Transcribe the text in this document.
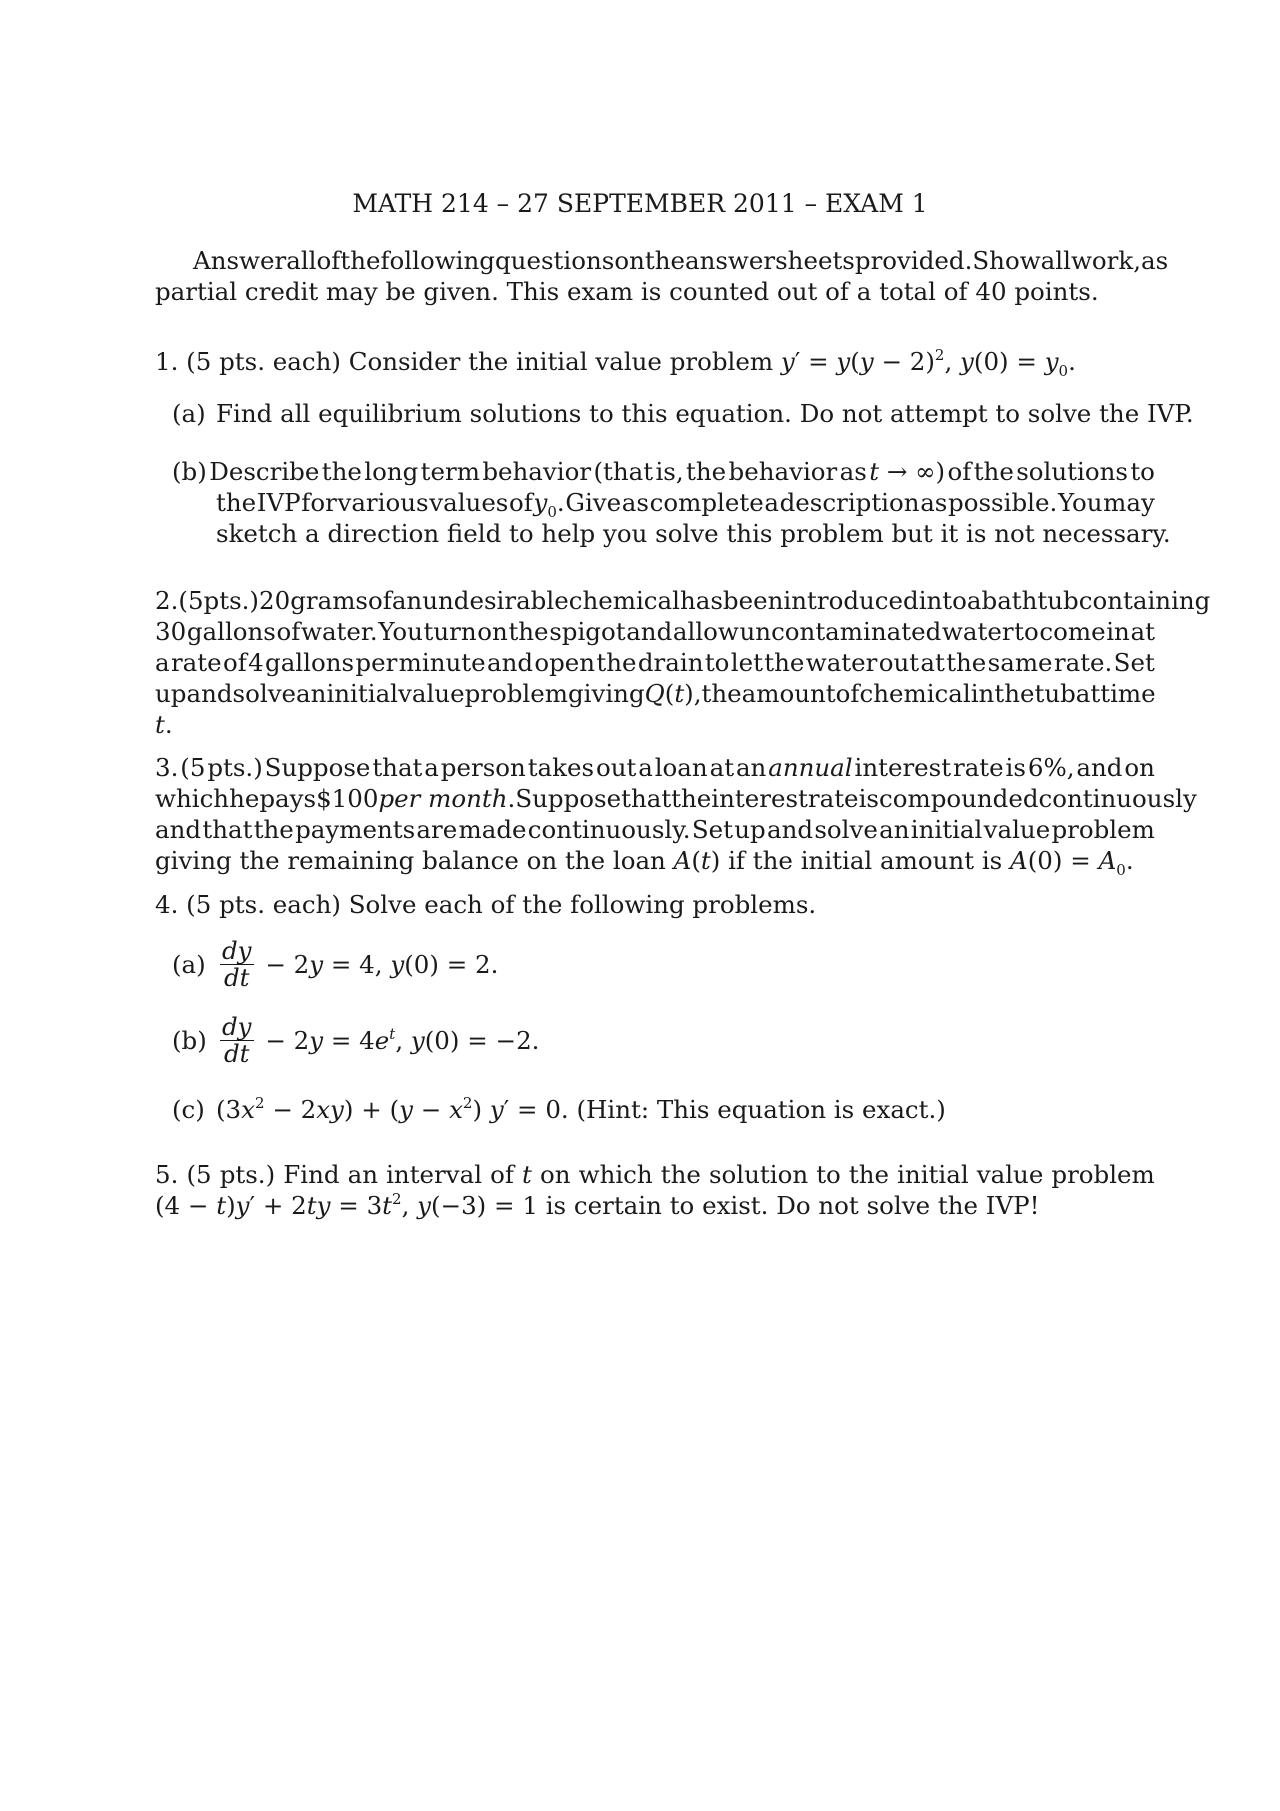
MATH 214 – 27 SEPTEMBER 2011 – EXAM 1
Answer all of the following questions on the answer sheets provided. Show all work, as
partial credit may be given. This exam is counted out of a total of 40 points.
1. (5 pts. each) Consider the initial value problem $y' = y(y - 2)^2$, $y(0) = y_0$.
(a) Find all equilibrium solutions to this equation. Do not attempt to solve the IVP.
(b) Describe the long term behavior (that is, the behavior as t → ∞) of the solutions to
the IVP for various values of $y_0$. Give as complete a description as possible. You may
sketch a direction field to help you solve this problem but it is not necessary.
2. (5 pts.) 20 grams of an undesirable chemical has been introduced into a bathtub containing
30 gallons of water. You turn on the spigot and allow uncontaminated water to come in at
a rate of 4 gallons per minute and open the drain to let the water out at the same rate. Set
up and solve an initial value problem giving Q(t), the amount of chemical in the tub at time
t.
3. (5 pts.) Suppose that a person takes out a loan at an annual interest rate is 6%, and on
which he pays $100 per month. Suppose that the interest rate is compounded continuously
and that the payments are made continuously. Set up and solve an initial value problem
giving the remaining balance on the loan A(t) if the initial amount is $A(0) = A_0$.
4. (5 pts. each) Solve each of the following problems.
$(a) \frac{dy}{dt} - 2y = 4$, y(0) = 2.
$(b) \frac{dy}{dt} - 2y = 4e^t$, y(0) = −2.
(c) $(3x^2 - 2xy) + (y - x^2) y' = 0$. (Hint: This equation is exact.)
5. (5 pts.) Find an interval of t on which the solution to the initial value problem
$(4 - t)y' + 2ty = 3t^2$, y(−3) = 1 is certain to exist. Do not solve the IVP!
